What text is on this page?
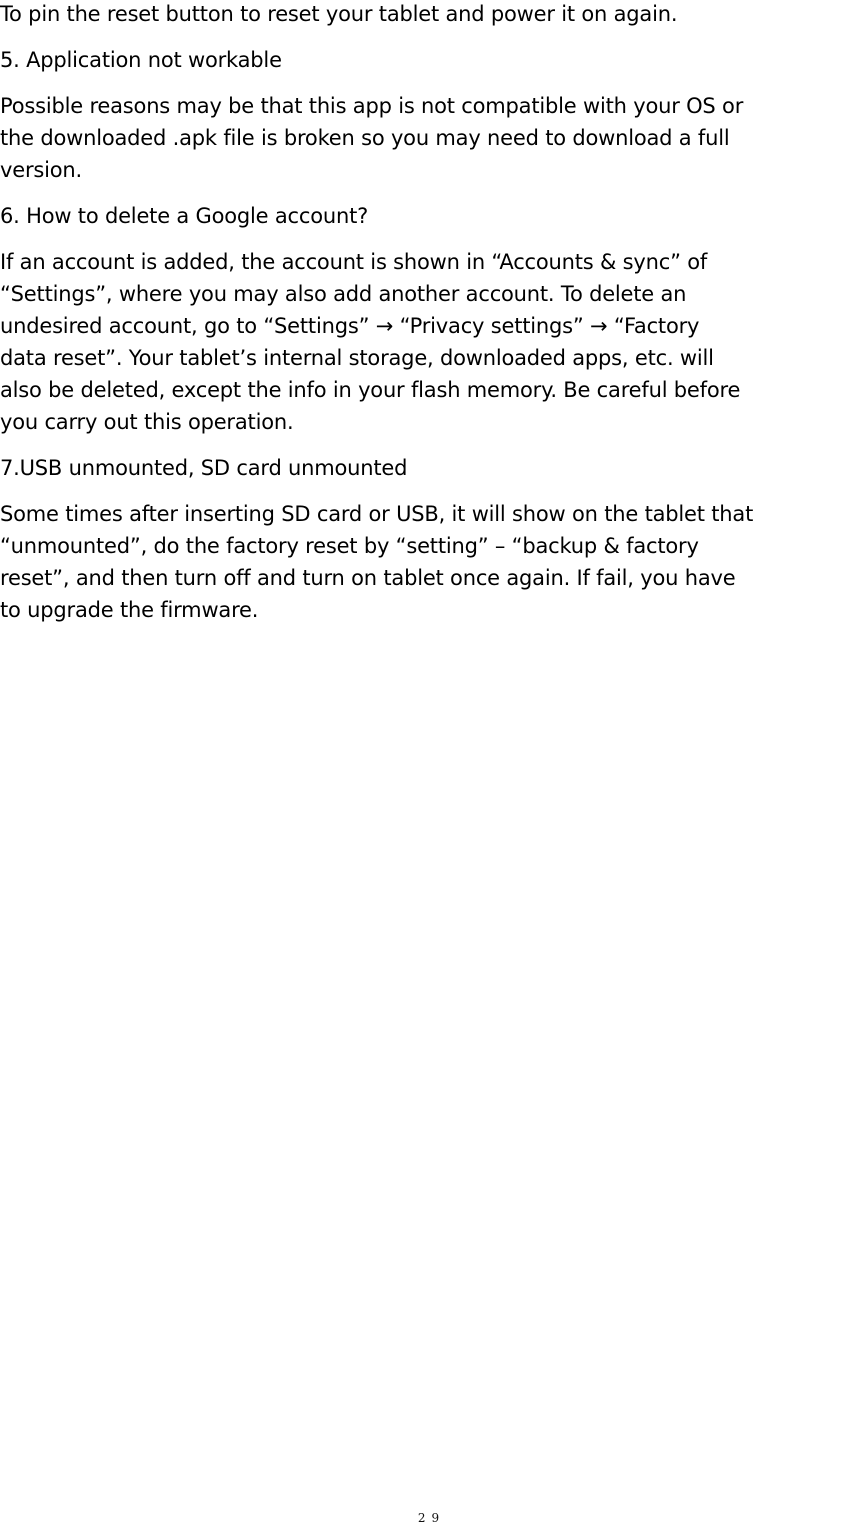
To pin the reset button to reset your tablet and power it on again.

5. Application not workable

Possible reasons may be that this app is not compatible with your OS or
the downloaded .apk file is broken so you may need to download a full
version.

6. How to delete a Google account?

If an account is added, the account is shown in “Accounts & sync” of
“Settings”, where you may also add another account. To delete an
undesired account, go to “Settings” → “Privacy settings” → “Factory
data reset”. Your tablet’s internal storage, downloaded apps, etc. will
also be deleted, except the info in your flash memory. Be careful before
you carry out this operation.

7.USB unmounted, SD card unmounted

Some times after inserting SD card or USB, it will show on the tablet that
“unmounted”, do the factory reset by “setting” – “backup & factory
reset”, and then turn off and turn on tablet once again. If fail, you have
to upgrade the firmware.

29
